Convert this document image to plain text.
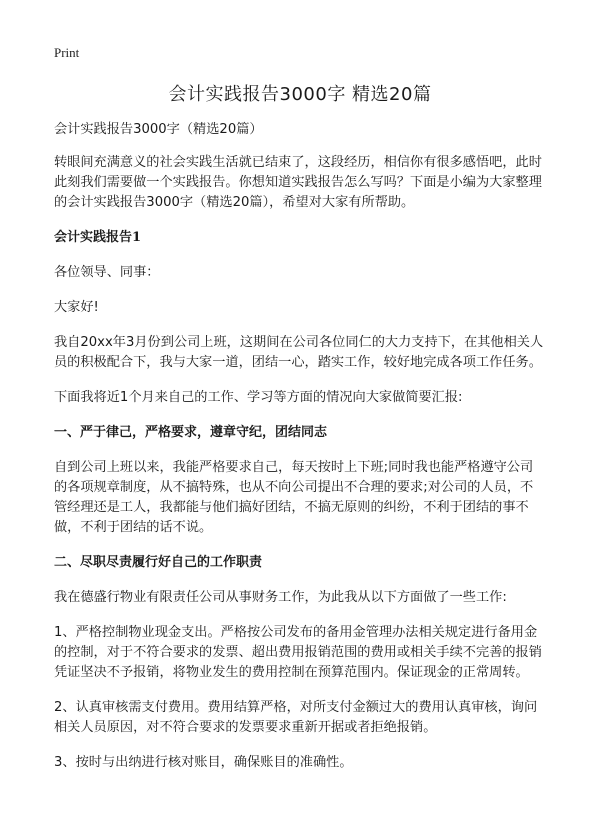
Print
会计实践报告3000字 精选20篇

会计实践报告3000字（精选20篇）

转眼间充满意义的社会实践生活就已结束了，这段经历，相信你有很多感悟吧，此时此刻我们需要做一个实践报告。你想知道实践报告怎么写吗？下面是小编为大家整理的会计实践报告3000字（精选20篇），希望对大家有所帮助。

会计实践报告1

各位领导、同事：

大家好!

我自20xx年3月份到公司上班，这期间在公司各位同仁的大力支持下，在其他相关人员的积极配合下，我与大家一道，团结一心，踏实工作，较好地完成各项工作任务。

下面我将近1个月来自己的工作、学习等方面的情况向大家做简要汇报:

一、严于律己，严格要求，遵章守纪，团结同志

自到公司上班以来，我能严格要求自己，每天按时上下班;同时我也能严格遵守公司的各项规章制度，从不搞特殊，也从不向公司提出不合理的要求;对公司的人员，不管经理还是工人，我都能与他们搞好团结，不搞无原则的纠纷，不利于团结的事不做，不利于团结的话不说。

二、尽职尽责履行好自己的工作职责

我在德盛行物业有限责任公司从事财务工作，为此我从以下方面做了一些工作:

1、严格控制物业现金支出。严格按公司发布的备用金管理办法相关规定进行备用金的控制，对于不符合要求的发票、超出费用报销范围的费用或相关手续不完善的报销凭证坚决不予报销，将物业发生的费用控制在预算范围内。保证现金的正常周转。

2、认真审核需支付费用。费用结算严格，对所支付金额过大的费用认真审核，询问相关人员原因，对不符合要求的发票要求重新开据或者拒绝报销。

3、按时与出纳进行核对账目，确保账目的准确性。
